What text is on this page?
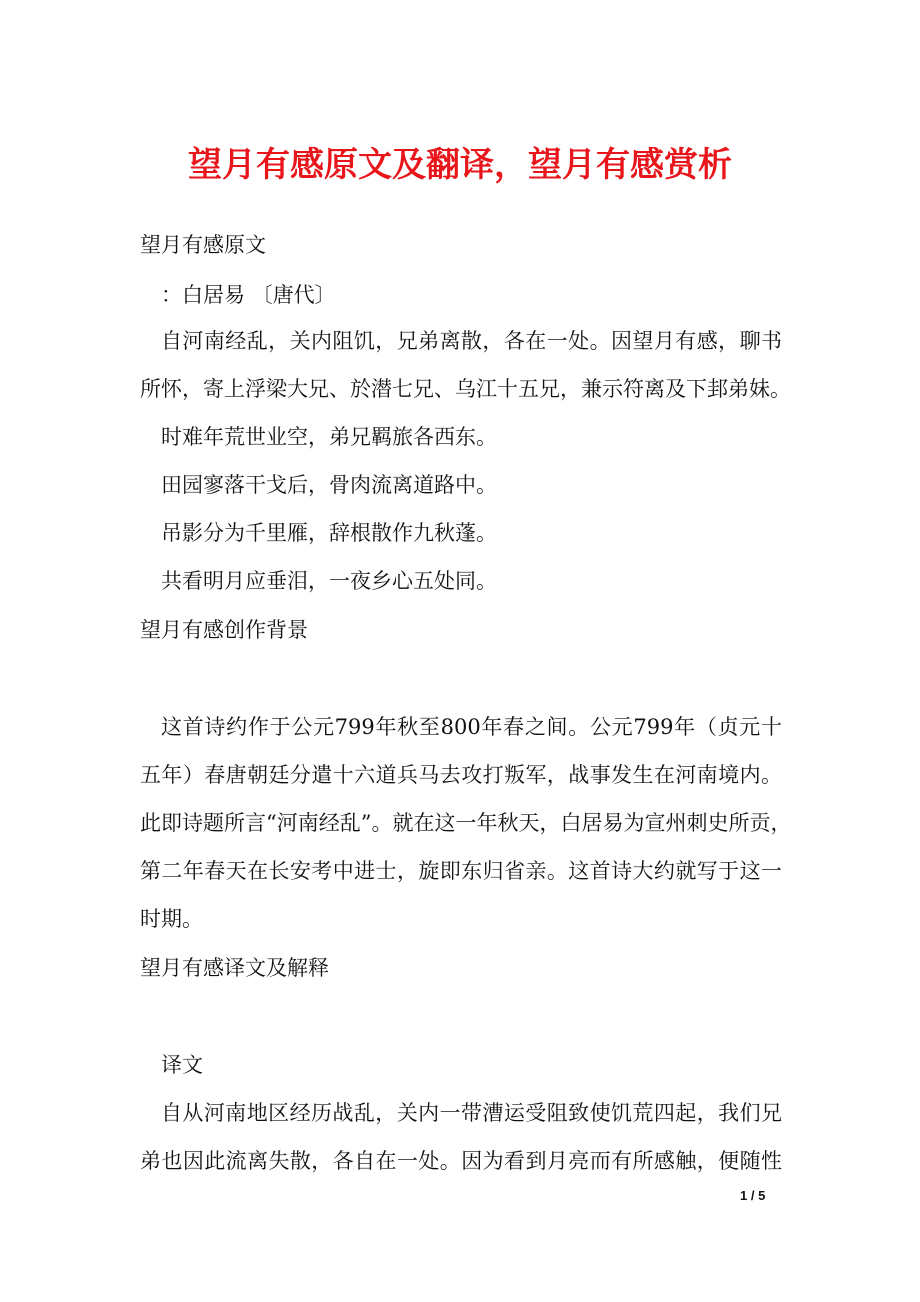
望月有感原文及翻译，望月有感赏析
望月有感原文
：白居易 〔唐代〕
自河南经乱，关内阻饥，兄弟离散，各在一处。因望月有感，聊书
所怀，寄上浮梁大兄、於潜七兄、乌江十五兄，兼示符离及下邽弟妹。
时难年荒世业空，弟兄羁旅各西东。
田园寥落干戈后，骨肉流离道路中。
吊影分为千里雁，辞根散作九秋蓬。
共看明月应垂泪，一夜乡心五处同。
望月有感创作背景
这首诗约作于公元799年秋至800年春之间。公元799年（贞元十
五年）春唐朝廷分遣十六道兵马去攻打叛军，战事发生在河南境内。
此即诗题所言“河南经乱”。就在这一年秋天，白居易为宣州刺史所贡，
第二年春天在长安考中进士，旋即东归省亲。这首诗大约就写于这一
时期。
望月有感译文及解释
译文
自从河南地区经历战乱，关内一带漕运受阻致使饥荒四起，我们兄
弟也因此流离失散，各自在一处。因为看到月亮而有所感触，便随性
1 / 5
